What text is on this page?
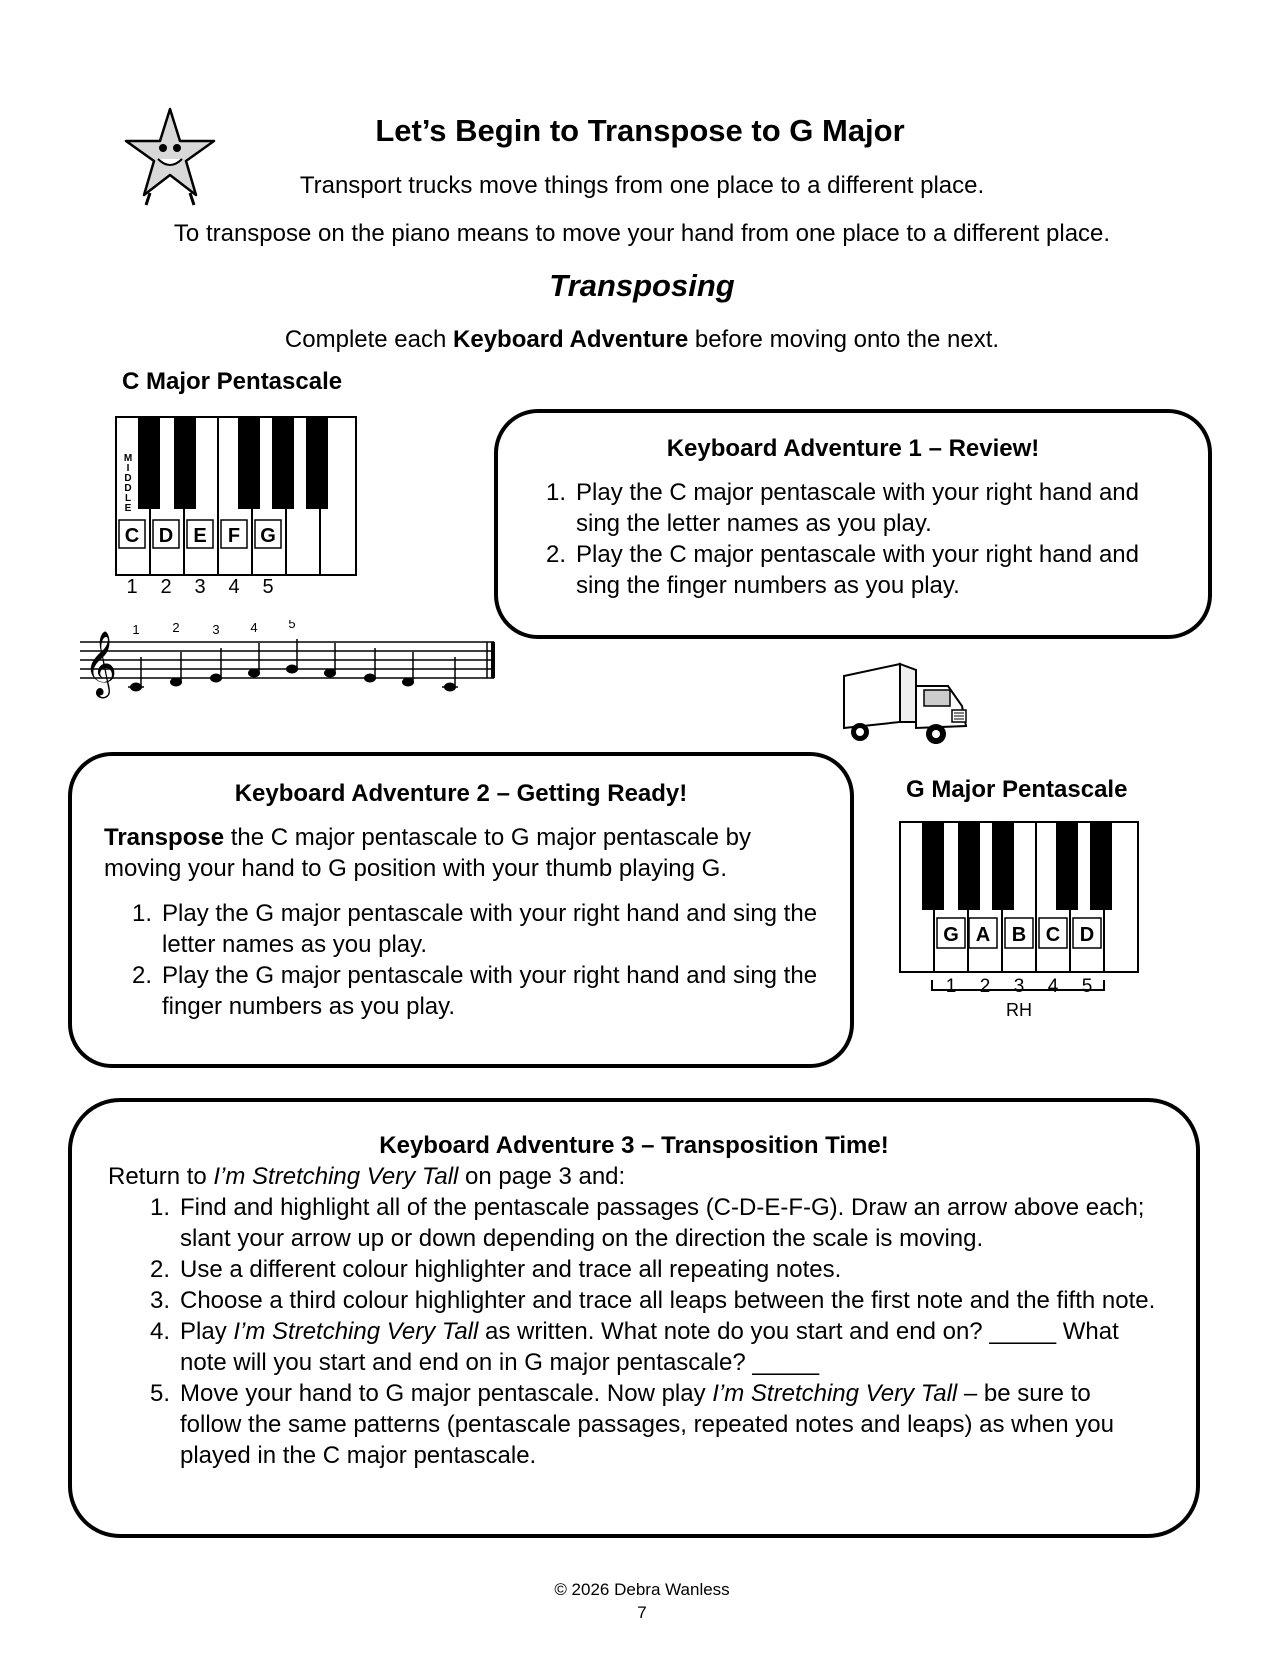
Let’s Begin to Transpose to G Major
Transport trucks move things from one place to a different place.
To transpose on the piano means to move your hand from one place to a different place.
Transposing
Complete each Keyboard Adventure before moving onto the next.
C Major Pentascale
M
I
D
D
L
E
C D E F G
1 2 3 4 5
𝄞
1	2	3 4 5
Keyboard Adventure 1 – Review!
1. Play the C major pentascale with your right hand and sing the letter names as you play.
2. Play the C major pentascale with your right hand and sing the finger numbers as you play.
Keyboard Adventure 2 – Getting Ready!
Transpose the C major pentascale to G major pentascale by moving your hand to G position with your thumb playing G.
1. Play the G major pentascale with your right hand and sing the letter names as you play.
2. Play the G major pentascale with your right hand and sing the finger numbers as you play.
G Major Pentascale
G A B C D
1 2 3 4 5
RH
Keyboard Adventure 3 – Transposition Time!
Return to I’m Stretching Very Tall on page 3 and:
1. Find and highlight all of the pentascale passages (C-D-E-F-G). Draw an arrow above each; slant your arrow up or down depending on the direction the scale is moving.
2. Use a different colour highlighter and trace all repeating notes.
3. Choose a third colour highlighter and trace all leaps between the first note and the fifth note.
4. Play I’m Stretching Very Tall as written. What note do you start and end on? _____ What note will you start and end on in G major pentascale? _____
5. Move your hand to G major pentascale. Now play I’m Stretching Very Tall – be sure to follow the same patterns (pentascale passages, repeated notes and leaps) as when you played in the C major pentascale.
© 2026 Debra Wanless
7
